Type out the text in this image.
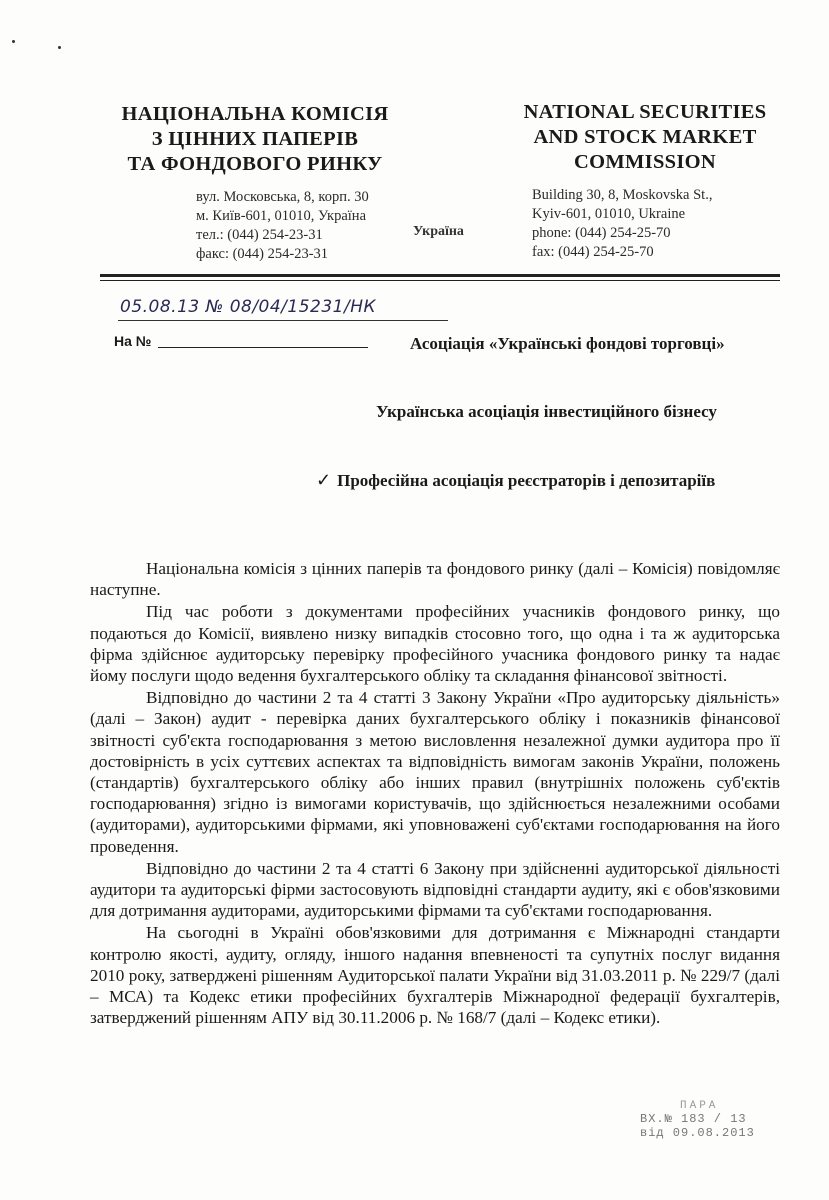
НАЦІОНАЛЬНА КОМІСІЯ
З ЦІННИХ ПАПЕРІВ
ТА ФОНДОВОГО РИНКУ
вул. Московська, 8, корп. 30
м. Київ-601, 01010, Україна
тел.: (044) 254-23-31
факс: (044) 254-23-31
NATIONAL SECURITIES
AND STOCK MARKET
COMMISSION
Building 30, 8, Moskovska St.,
Kyiv-601, 01010, Ukraine
phone: (044) 254-25-70
fax: (044) 254-25-70
Україна
05.08.13 № 08/04/15231/НК
На №	Асоціація «Українські фондові торговці»
Українська асоціація інвестиційного бізнесу
✓ Професійна асоціація реєстраторів і депозитаріїв

Національна комісія з цінних паперів та фондового ринку (далі – Комісія) повідомляє наступне.

Під час роботи з документами професійних учасників фондового ринку, що подаються до Комісії, виявлено низку випадків стосовно того, що одна і та ж аудиторська фірма здійснює аудиторську перевірку професійного учасника фондового ринку та надає йому послуги щодо ведення бухгалтерського обліку та складання фінансової звітності.

Відповідно до частини 2 та 4 статті 3 Закону України «Про аудиторську діяльність» (далі – Закон) аудит - перевірка даних бухгалтерського обліку і показників фінансової звітності суб'єкта господарювання з метою висловлення незалежної думки аудитора про її достовірність в усіх суттєвих аспектах та відповідність вимогам законів України, положень (стандартів) бухгалтерського обліку або інших правил (внутрішніх положень суб'єктів господарювання) згідно із вимогами користувачів, що здійснюється незалежними особами (аудиторами), аудиторськими фірмами, які уповноважені суб'єктами господарювання на його проведення.

Відповідно до частини 2 та 4 статті 6 Закону при здійсненні аудиторської діяльності аудитори та аудиторські фірми застосовують відповідні стандарти аудиту, які є обов'язковими для дотримання аудиторами, аудиторськими фірмами та суб'єктами господарювання.

На сьогодні в Україні обов'язковими для дотримання є Міжнародні стандарти контролю якості, аудиту, огляду, іншого надання впевненості та супутніх послуг видання 2010 року, затверджені рішенням Аудиторської палати України від 31.03.2011 р. № 229/7 (далі – МСА) та Кодекс етики професійних бухгалтерів Міжнародної федерації бухгалтерів, затверджений рішенням АПУ від 30.11.2006 р. № 168/7 (далі – Кодекс етики).

ПАРА
ВХ.№ 183 / 13
від 09.08.2013
